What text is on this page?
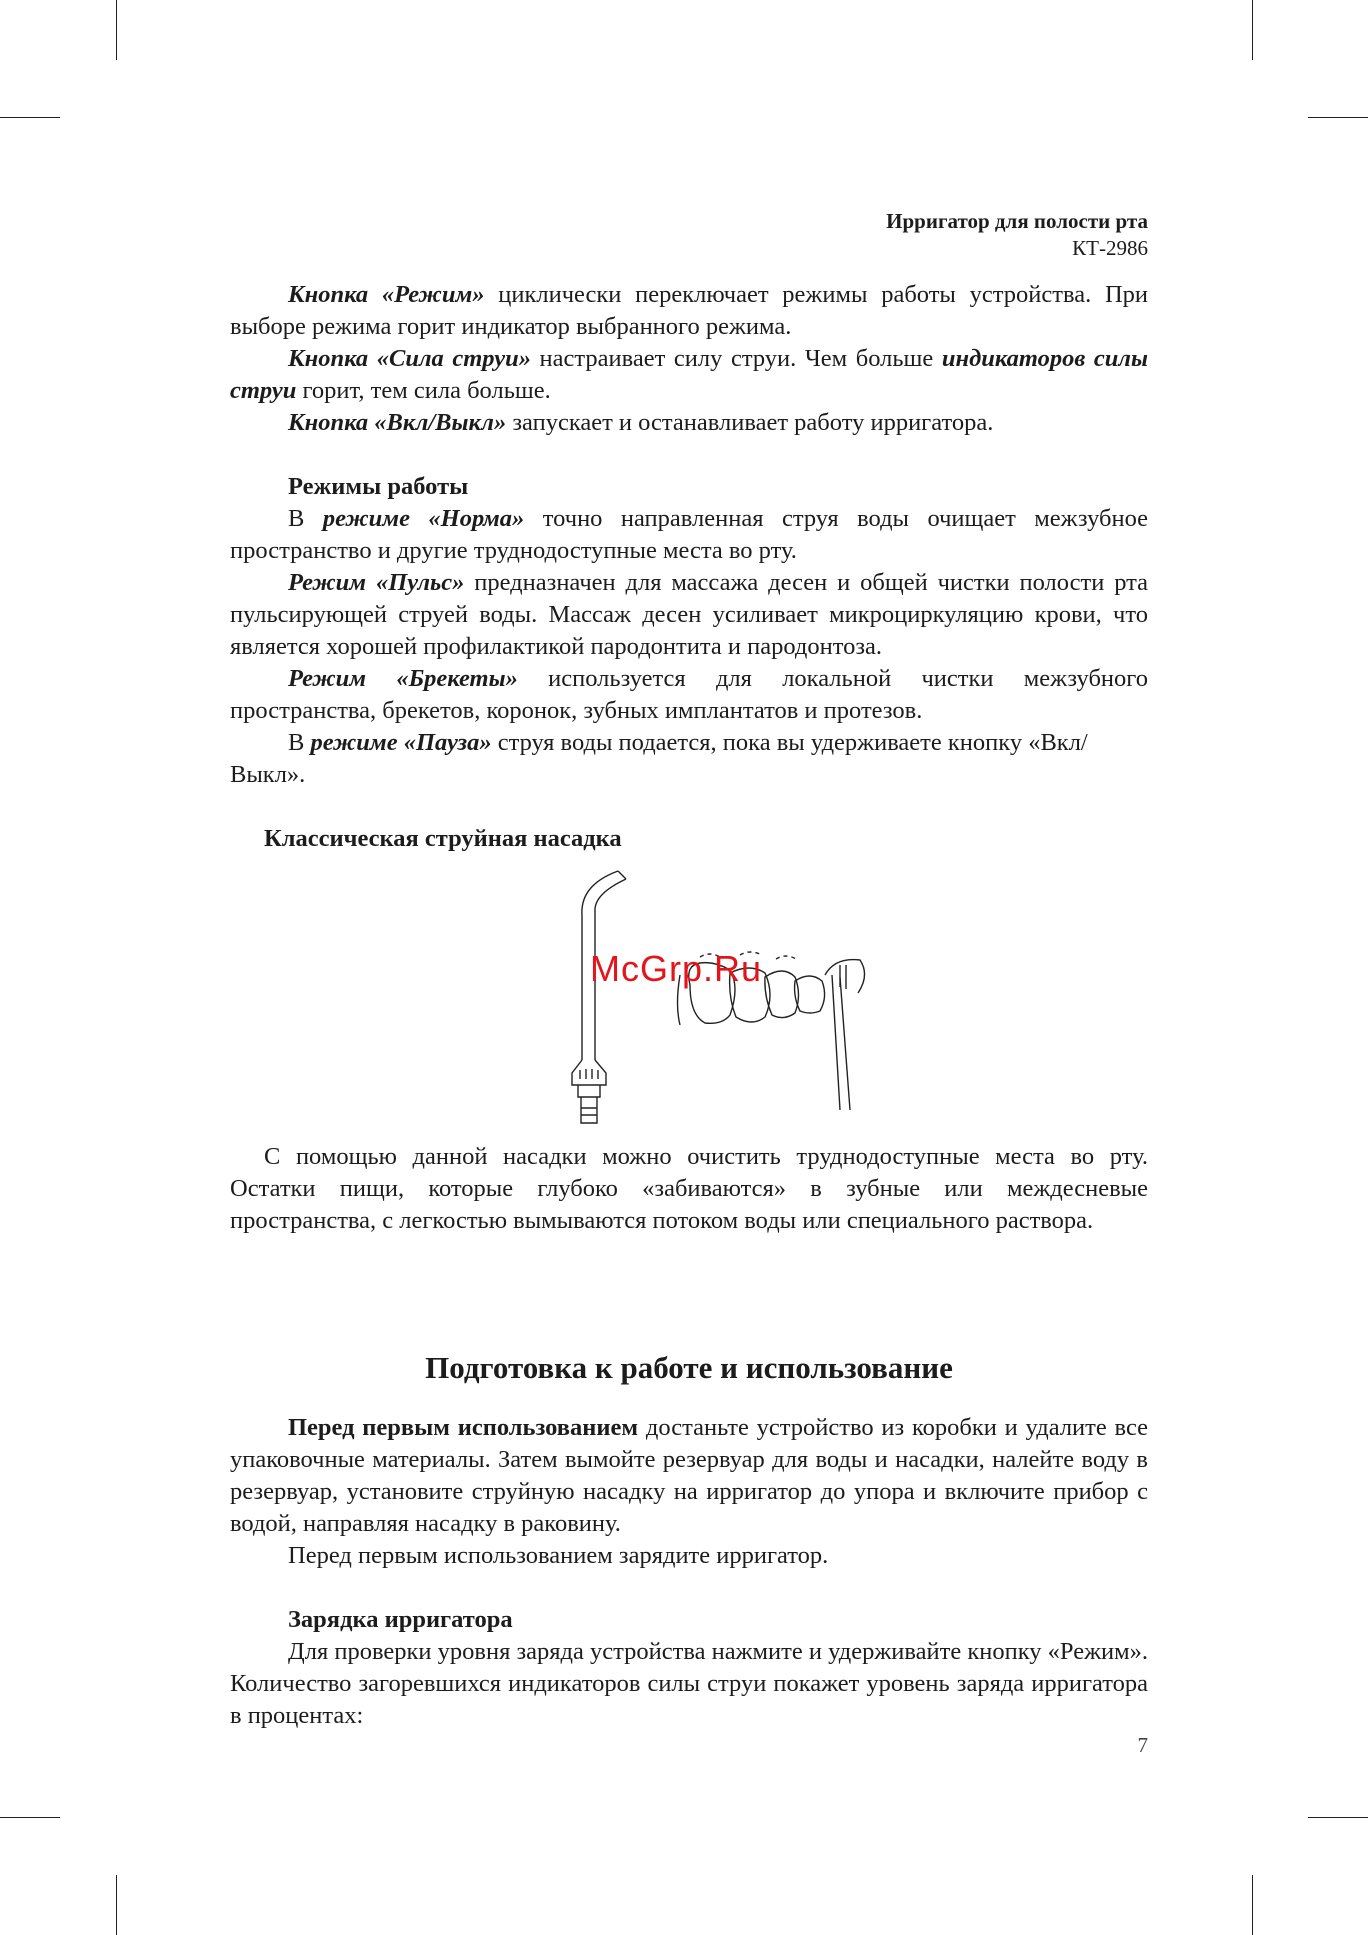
Ирригатор для полости рта
КТ-2986

Кнопка «Режим» циклически переключает режимы работы устройства. При выборе режима горит индикатор выбранного режима.

Кнопка «Сила струи» настраивает силу струи. Чем больше индикаторов силы струи горит, тем сила больше.

Кнопка «Вкл/Выкл» запускает и останавливает работу ирригатора.

Режимы работы

В режиме «Норма» точно направленная струя воды очищает межзубное пространство и другие труднодоступные места во рту.

Режим «Пульс» предназначен для массажа десен и общей чистки полости рта пульсирующей струей воды. Массаж десен усиливает микроциркуляцию крови, что является хорошей профилактикой пародонтита и пародонтоза.

Режим «Брекеты» используется для локальной чистки межзубного пространства, брекетов, коронок, зубных имплантатов и протезов.

В режиме «Пауза» струя воды подается, пока вы удерживаете кнопку «Вкл/Выкл».

Классическая струйная насадка

McGrp.Ru

С помощью данной насадки можно очистить труднодоступные места во рту. Остатки пищи, которые глубоко «забиваются» в зубные или междесневые пространства, с легкостью вымываются потоком воды или специального раствора.

Подготовка к работе и использование

Перед первым использованием достаньте устройство из коробки и удалите все упаковочные материалы. Затем вымойте резервуар для воды и насадки, налейте воду в резервуар, установите струйную насадку на ирригатор до упора и включите прибор с водой, направляя насадку в раковину.

Перед первым использованием зарядите ирригатор.

Зарядка ирригатора

Для проверки уровня заряда устройства нажмите и удерживайте кнопку «Режим». Количество загоревшихся индикаторов силы струи покажет уровень заряда ирригатора в процентах:

7
